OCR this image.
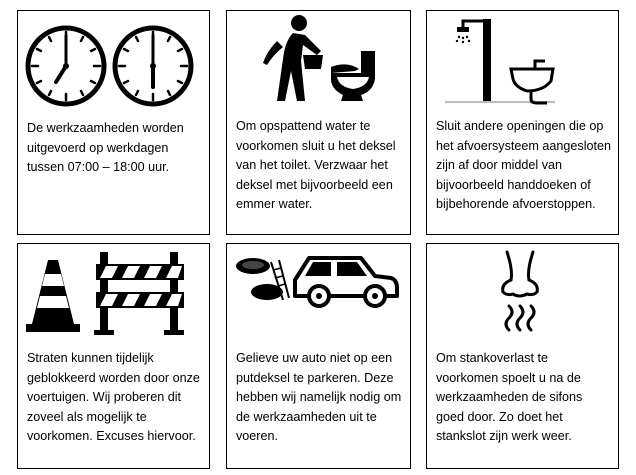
De werkzaamheden worden uitgevoerd op werkdagen tussen 07:00 – 18:00 uur.

Om opspattend water te voorkomen sluit u het deksel van het toilet. Verzwaar het deksel met bijvoorbeeld een emmer water.

Sluit andere openingen die op het afvoersysteem aangesloten zijn af door middel van bijvoorbeeld handdoeken of bijbehorende afvoerstoppen.

Straten kunnen tijdelijk geblokkeerd worden door onze voertuigen. Wij proberen dit zoveel als mogelijk te voorkomen. Excuses hiervoor.

Gelieve uw auto niet op een putdeksel te parkeren. Deze hebben wij namelijk nodig om de werkzaamheden uit te voeren.

Om stankoverlast te voorkomen spoelt u na de werkzaamheden de sifons goed door. Zo doet het stankslot zijn werk weer.
